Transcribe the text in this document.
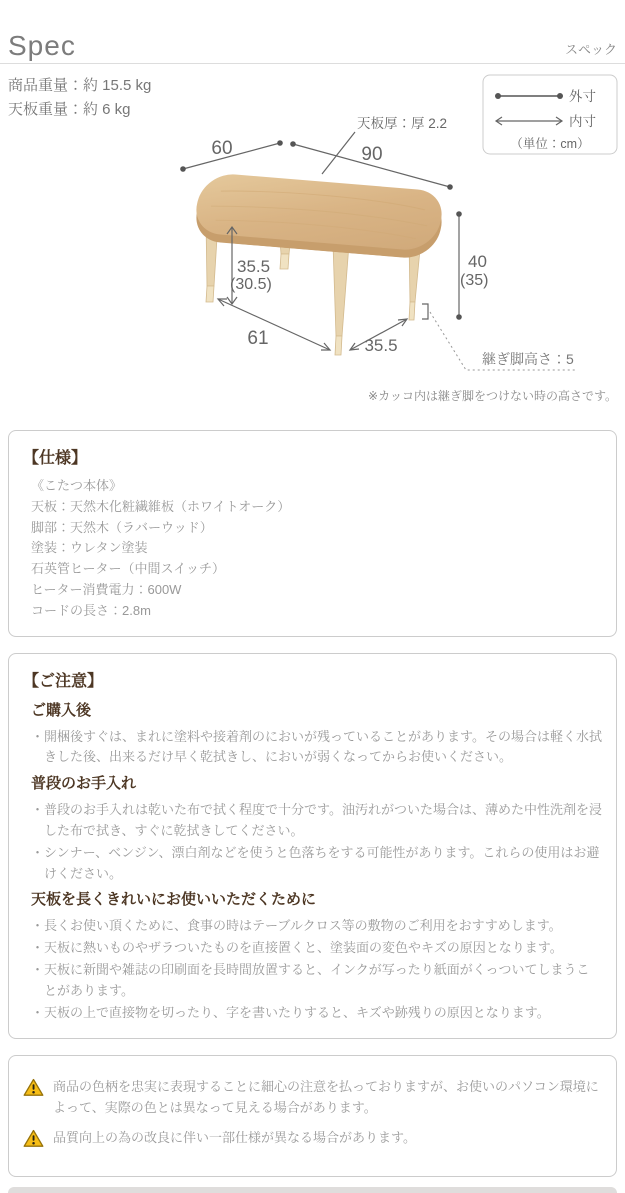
Spec	スペック
商品重量：約 15.5 kg
天板重量：約 6 kg
外寸
内寸
（単位：cm）
60	90
天板厚：厚 2.2
40
(35)
35.5
(30.5)
61	35.5
継ぎ脚高さ：5
※カッコ内は継ぎ脚をつけない時の高さです。
【仕様】

《こたつ本体》

天板：天然木化粧繊維板（ホワイトオーク）

脚部：天然木（ラバーウッド）

塗装：ウレタン塗装

石英管ヒーター（中間スイッチ）

ヒーター消費電力：600W

コードの長さ：2.8m

【ご注意】
ご購入後

・開梱後すぐは、まれに塗料や接着剤のにおいが残っていることがあります。その場合は軽く水拭きした後、出来るだけ早く乾拭きし、においが弱くなってからお使いください。

普段のお手入れ

・普段のお手入れは乾いた布で拭く程度で十分です。油汚れがついた場合は、薄めた中性洗剤を浸した布で拭き、すぐに乾拭きしてください。

・シンナー、ベンジン、漂白剤などを使うと色落ちをする可能性があります。これらの使用はお避けください。

天板を長くきれいにお使いいただくために

・長くお使い頂くために、食事の時はテーブルクロス等の敷物のご利用をおすすめします。

・天板に熱いものやザラついたものを直接置くと、塗装面の変色やキズの原因となります。

・天板に新聞や雑誌の印刷面を長時間放置すると、インクが写ったり紙面がくっついてしまうことがあります。

・天板の上で直接物を切ったり、字を書いたりすると、キズや跡残りの原因となります。

商品の色柄を忠実に表現することに細心の注意を払っておりますが、お使いのパソコン環境によって、実際の色とは異なって見える場合があります。
品質向上の為の改良に伴い一部仕様が異なる場合があります。
